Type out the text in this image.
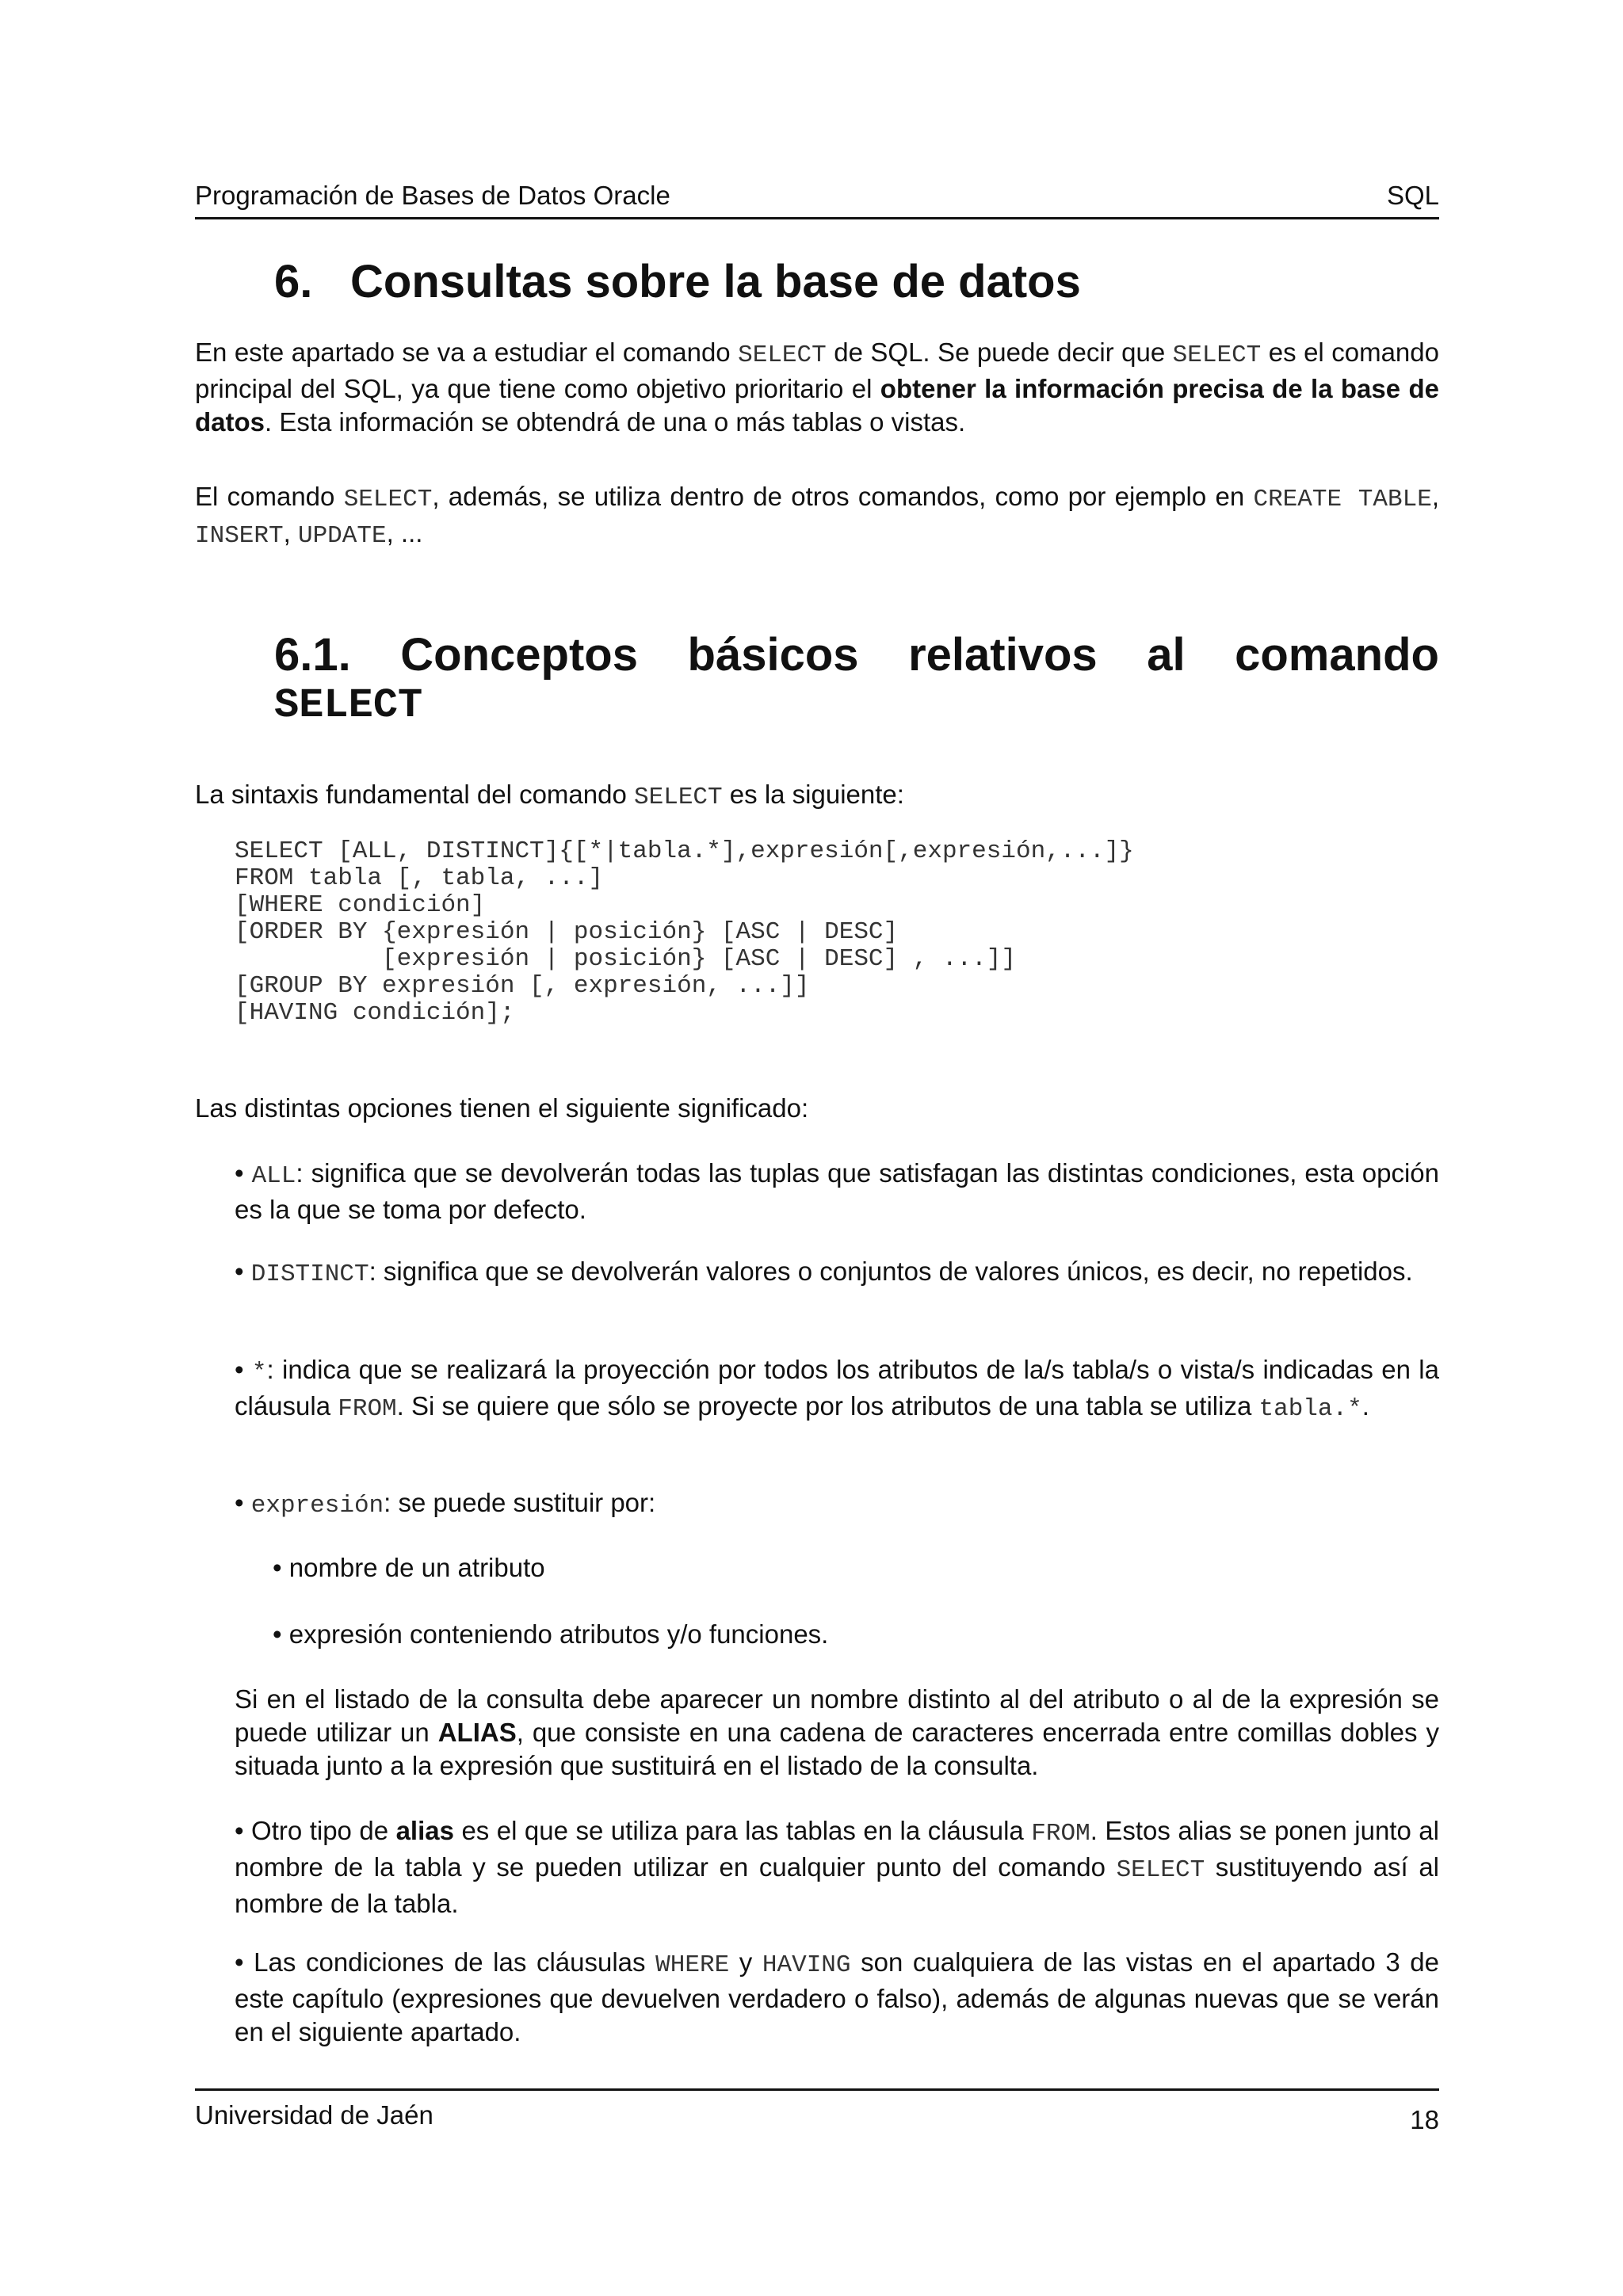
Programación de Bases de Datos Oracle	SQL
6. Consultas sobre la base de datos

En este apartado se va a estudiar el comando SELECT de SQL. Se puede decir que SELECT es el comando principal del SQL, ya que tiene como objetivo prioritario el obtener la información precisa de la base de datos. Esta información se obtendrá de una o más tablas o vistas.

El comando SELECT, además, se utiliza dentro de otros comandos, como por ejemplo en CREATE TABLE, INSERT, UPDATE, ...

6.1. Conceptos básicos relativos al comando
SELECT

La sintaxis fundamental del comando SELECT es la siguiente:

SELECT [ALL, DISTINCT]{[*|tabla.*],expresión[,expresión,...]}
FROM tabla [, tabla, ...]
[WHERE condición]
[ORDER BY {expresión | posición} [ASC | DESC]
[expresión | posición} [ASC | DESC] , ...]]
[GROUP BY expresión [, expresión, ...]]
[HAVING condición];

Las distintas opciones tienen el siguiente significado:

• ALL: significa que se devolverán todas las tuplas que satisfagan las distintas condiciones, esta opción es la que se toma por defecto.

• DISTINCT: significa que se devolverán valores o conjuntos de valores únicos, es decir, no repetidos.

• *: indica que se realizará la proyección por todos los atributos de la/s tabla/s o vista/s indicadas en la cláusula FROM. Si se quiere que sólo se proyecte por los atributos de una tabla se utiliza tabla.*.

• expresión: se puede sustituir por:

• nombre de un atributo

• expresión conteniendo atributos y/o funciones.

Si en el listado de la consulta debe aparecer un nombre distinto al del atributo o al de la expresión se puede utilizar un ALIAS, que consiste en una cadena de caracteres encerrada entre comillas dobles y situada junto a la expresión que sustituirá en el listado de la consulta.

• Otro tipo de alias es el que se utiliza para las tablas en la cláusula FROM. Estos alias se ponen junto al nombre de la tabla y se pueden utilizar en cualquier punto del comando SELECT sustituyendo así al nombre de la tabla.

• Las condiciones de las cláusulas WHERE y HAVING son cualquiera de las vistas en el apartado 3 de este capítulo (expresiones que devuelven verdadero o falso), además de algunas nuevas que se verán en el siguiente apartado.

Universidad de Jaén	18
